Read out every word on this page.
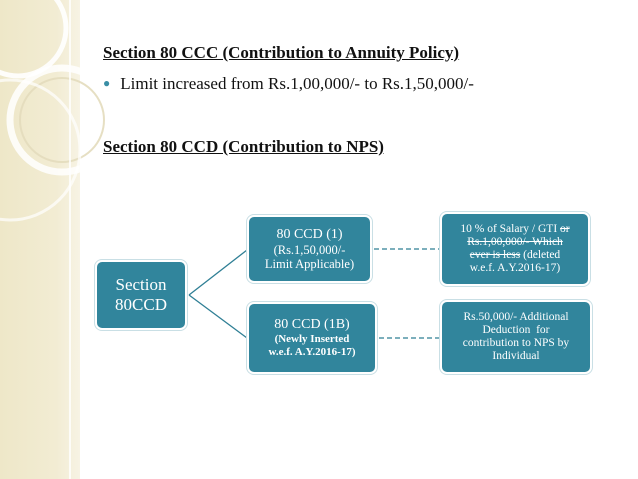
Section 80 CCC (Contribution to Annuity Policy)
● Limit increased from Rs.1,00,000/- to Rs.1,50,000/-
Section 80 CCD (Contribution to NPS)
Section
80CCD
80 CCD (1)
(Rs.1,50,000/-
Limit Applicable)
80 CCD (1B)
(Newly Inserted
w.e.f. A.Y.2016-17)
10 % of Salary / GTI or
Rs.1,00,000/- Which
ever is less (deleted
w.e.f. A.Y.2016-17)
Rs.50,000/- Additional
Deduction  for
contribution to NPS by
Individual
